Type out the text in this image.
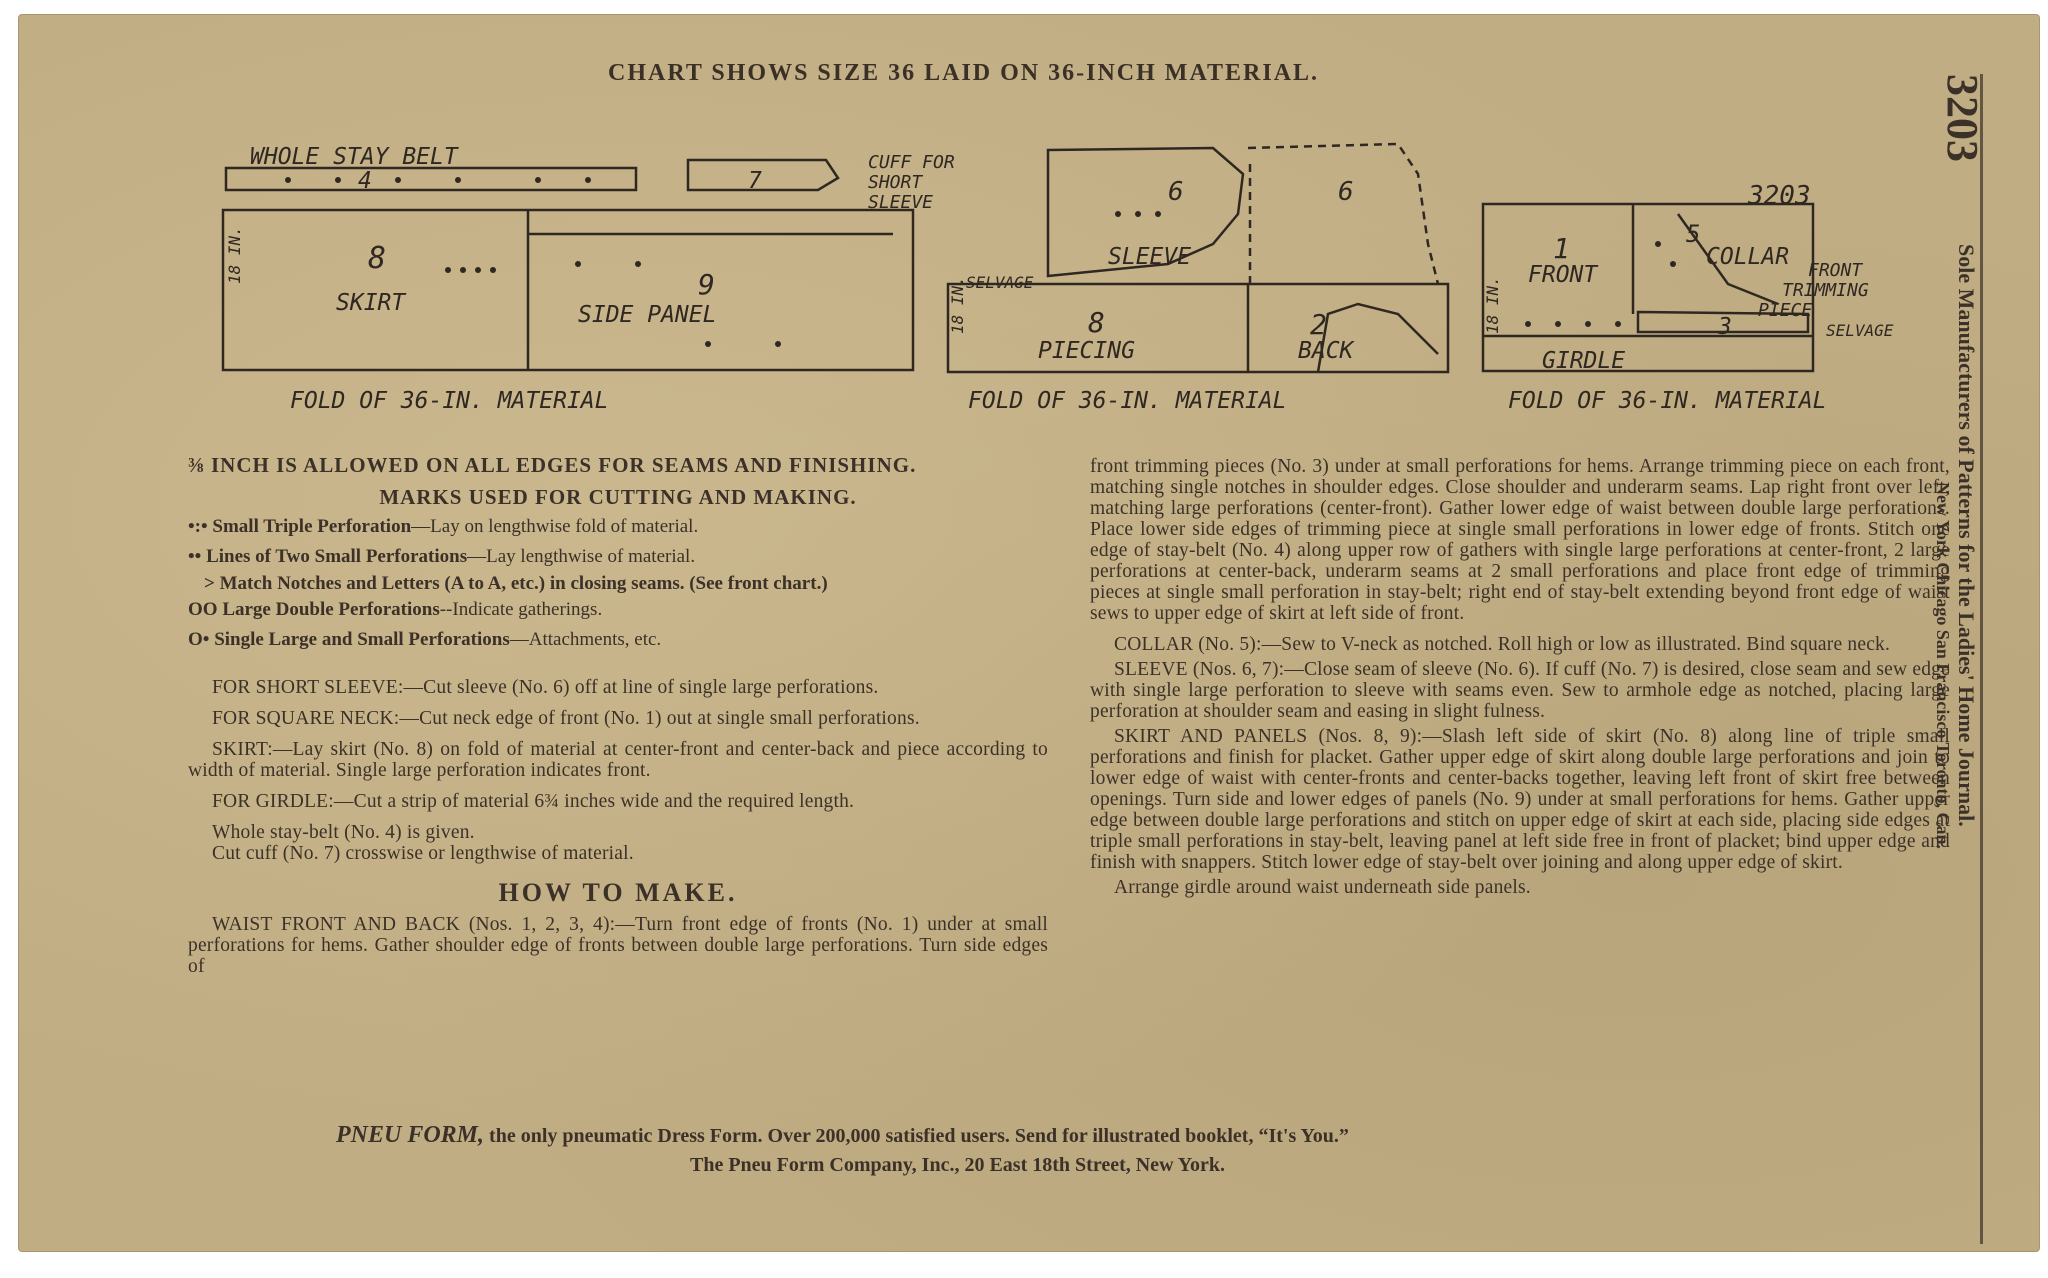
CHART SHOWS SIZE 36 LAID ON 36-INCH MATERIAL.
WHOLE STAY BELT
4	7
CUFF FOR
SHORT
SLEEVE
8
SKIRT
9
SIDE PANEL
18 IN.
FOLD OF 36-IN. MATERIAL
6
SLEEVE
6
SELVAGE
8
PIECING
2
BACK
18 IN.
FOLD OF 36-IN. MATERIAL
3203
1
FRONT
5
COLLAR
FRONT
TRIMMING
PIECE
3	SELVAGE
GIRDLE
18 IN.
FOLD OF 36-IN. MATERIAL

⅜ INCH IS ALLOWED ON ALL EDGES FOR SEAMS AND FINISHING.

MARKS USED FOR CUTTING AND MAKING.

•:• Small Triple Perforation—Lay on lengthwise fold of material.
•• Lines of Two Small Perforations—Lay lengthwise of material.
> Match Notches and Letters (A to A, etc.) in closing seams. (See front chart.)
OO Large Double Perforations--Indicate gatherings.
O• Single Large and Small Perforations—Attachments, etc.

FOR SHORT SLEEVE:—Cut sleeve (No. 6) off at line of single large perforations.

FOR SQUARE NECK:—Cut neck edge of front (No. 1) out at single small perforations.

SKIRT:—Lay skirt (No. 8) on fold of material at center-front and center-back and piece according to width of material. Single large perforation indicates front.

FOR GIRDLE:—Cut a strip of material 6¾ inches wide and the required length.

Whole stay-belt (No. 4) is given.

Cut cuff (No. 7) crosswise or lengthwise of material.

HOW TO MAKE.

WAIST FRONT AND BACK (Nos. 1, 2, 3, 4):—Turn front edge of fronts (No. 1) under at small perforations for hems. Gather shoulder edge of fronts between double large perforations. Turn side edges of

front trimming pieces (No. 3) under at small perforations for hems. Arrange trimming piece on each front, matching single notches in shoulder edges. Close shoulder and underarm seams. Lap right front over left, matching large perforations (center-front). Gather lower edge of waist between double large perforations. Place lower side edges of trimming piece at single small perforations in lower edge of fronts. Stitch one edge of stay-belt (No. 4) along upper row of gathers with single large perforations at center-front, 2 large perforations at center-back, underarm seams at 2 small perforations and place front edge of trimming pieces at single small perforation in stay-belt; right end of stay-belt extending beyond front edge of waist sews to upper edge of skirt at left side of front.

COLLAR (No. 5):—Sew to V-neck as notched. Roll high or low as illustrated. Bind square neck.

SLEEVE (Nos. 6, 7):—Close seam of sleeve (No. 6). If cuff (No. 7) is desired, close seam and sew edge with single large perforation to sleeve with seams even. Sew to armhole edge as notched, placing large perforation at shoulder seam and easing in slight fulness.

SKIRT AND PANELS (Nos. 8, 9):—Slash left side of skirt (No. 8) along line of triple small perforations and finish for placket. Gather upper edge of skirt along double large perforations and join to lower edge of waist with center-fronts and center-backs together, leaving left front of skirt free between openings. Turn side and lower edges of panels (No. 9) under at small perforations for hems. Gather upper edge between double large perforations and stitch on upper edge of skirt at each side, placing side edges at triple small perforations in stay-belt, leaving panel at left side free in front of placket; bind upper edge and finish with snappers. Stitch lower edge of stay-belt over joining and along upper edge of skirt.

Arrange girdle around waist underneath side panels.

PNEU FORM, the only pneumatic Dress Form. Over 200,000 satisfied users. Send for illustrated booklet, “It's You.”
The Pneu Form Company, Inc., 20 East 18th Street, New York.
3203
Sole Manufacturers of Patterns for the Ladies' Home Journal.
New York Chicago San Francisco Toronto, Can.
